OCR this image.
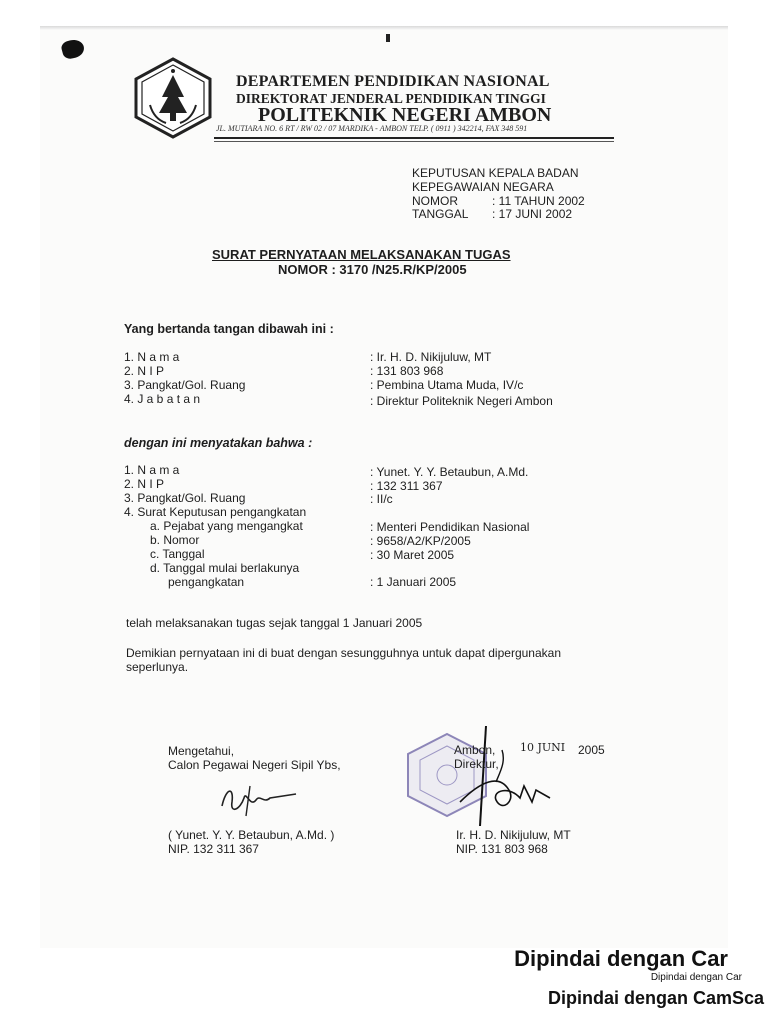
DEPARTEMEN PENDIDIKAN NASIONAL
DIREKTORAT JENDERAL PENDIDIKAN TINGGI
POLITEKNIK NEGERI AMBON
JL. MUTIARA NO. 6 RT / RW 02 / 07 MARDIKA - AMBON TELP. ( 0911 ) 342214, FAX 348 591
KEPUTUSAN KEPALA BADAN
KEPEGAWAIAN NEGARA
NOMOR	: 11 TAHUN 2002
TANGGAL : 17 JUNI 2002
SURAT PERNYATAAN MELAKSANAKAN TUGAS
NOMOR : 3170 /N25.R/KP/2005
Yang bertanda tangan dibawah ini :
1. N a m a	: Ir. H. D. Nikijuluw, MT
2. N I P	: 131 803 968
3. Pangkat/Gol. Ruang	: Pembina Utama Muda, IV/c
4. J a b a t a n	: Direktur Politeknik Negeri Ambon
dengan ini menyatakan bahwa :
1. N a m a	: Yunet. Y. Y. Betaubun, A.Md.
2. N I P	: 132 311 367
3. Pangkat/Gol. Ruang	: II/c
4. Surat Keputusan pengangkatan
a. Pejabat yang mengangkat	: Menteri Pendidikan Nasional
b. Nomor	: 9658/A2/KP/2005
c. Tanggal	: 30 Maret 2005
d. Tanggal mulai berlakunya
pengangkatan	: 1 Januari 2005
telah melaksanakan tugas sejak tanggal 1 Januari 2005
Demikian pernyataan ini di buat dengan sesungguhnya untuk dapat dipergunakan
seperlunya.
Mengetahui,
Calon Pegawai Negeri Sipil Ybs,
( Yunet. Y. Y. Betaubun, A.Md. )
NIP. 132 311 367
Ambon, 10 JUNI 2005
Direktur,
Ir. H. D. Nikijuluw, MT
NIP. 131 803 968
Dipindai dengan Car
Dipindai dengan Car
Dipindai dengan CamSca
